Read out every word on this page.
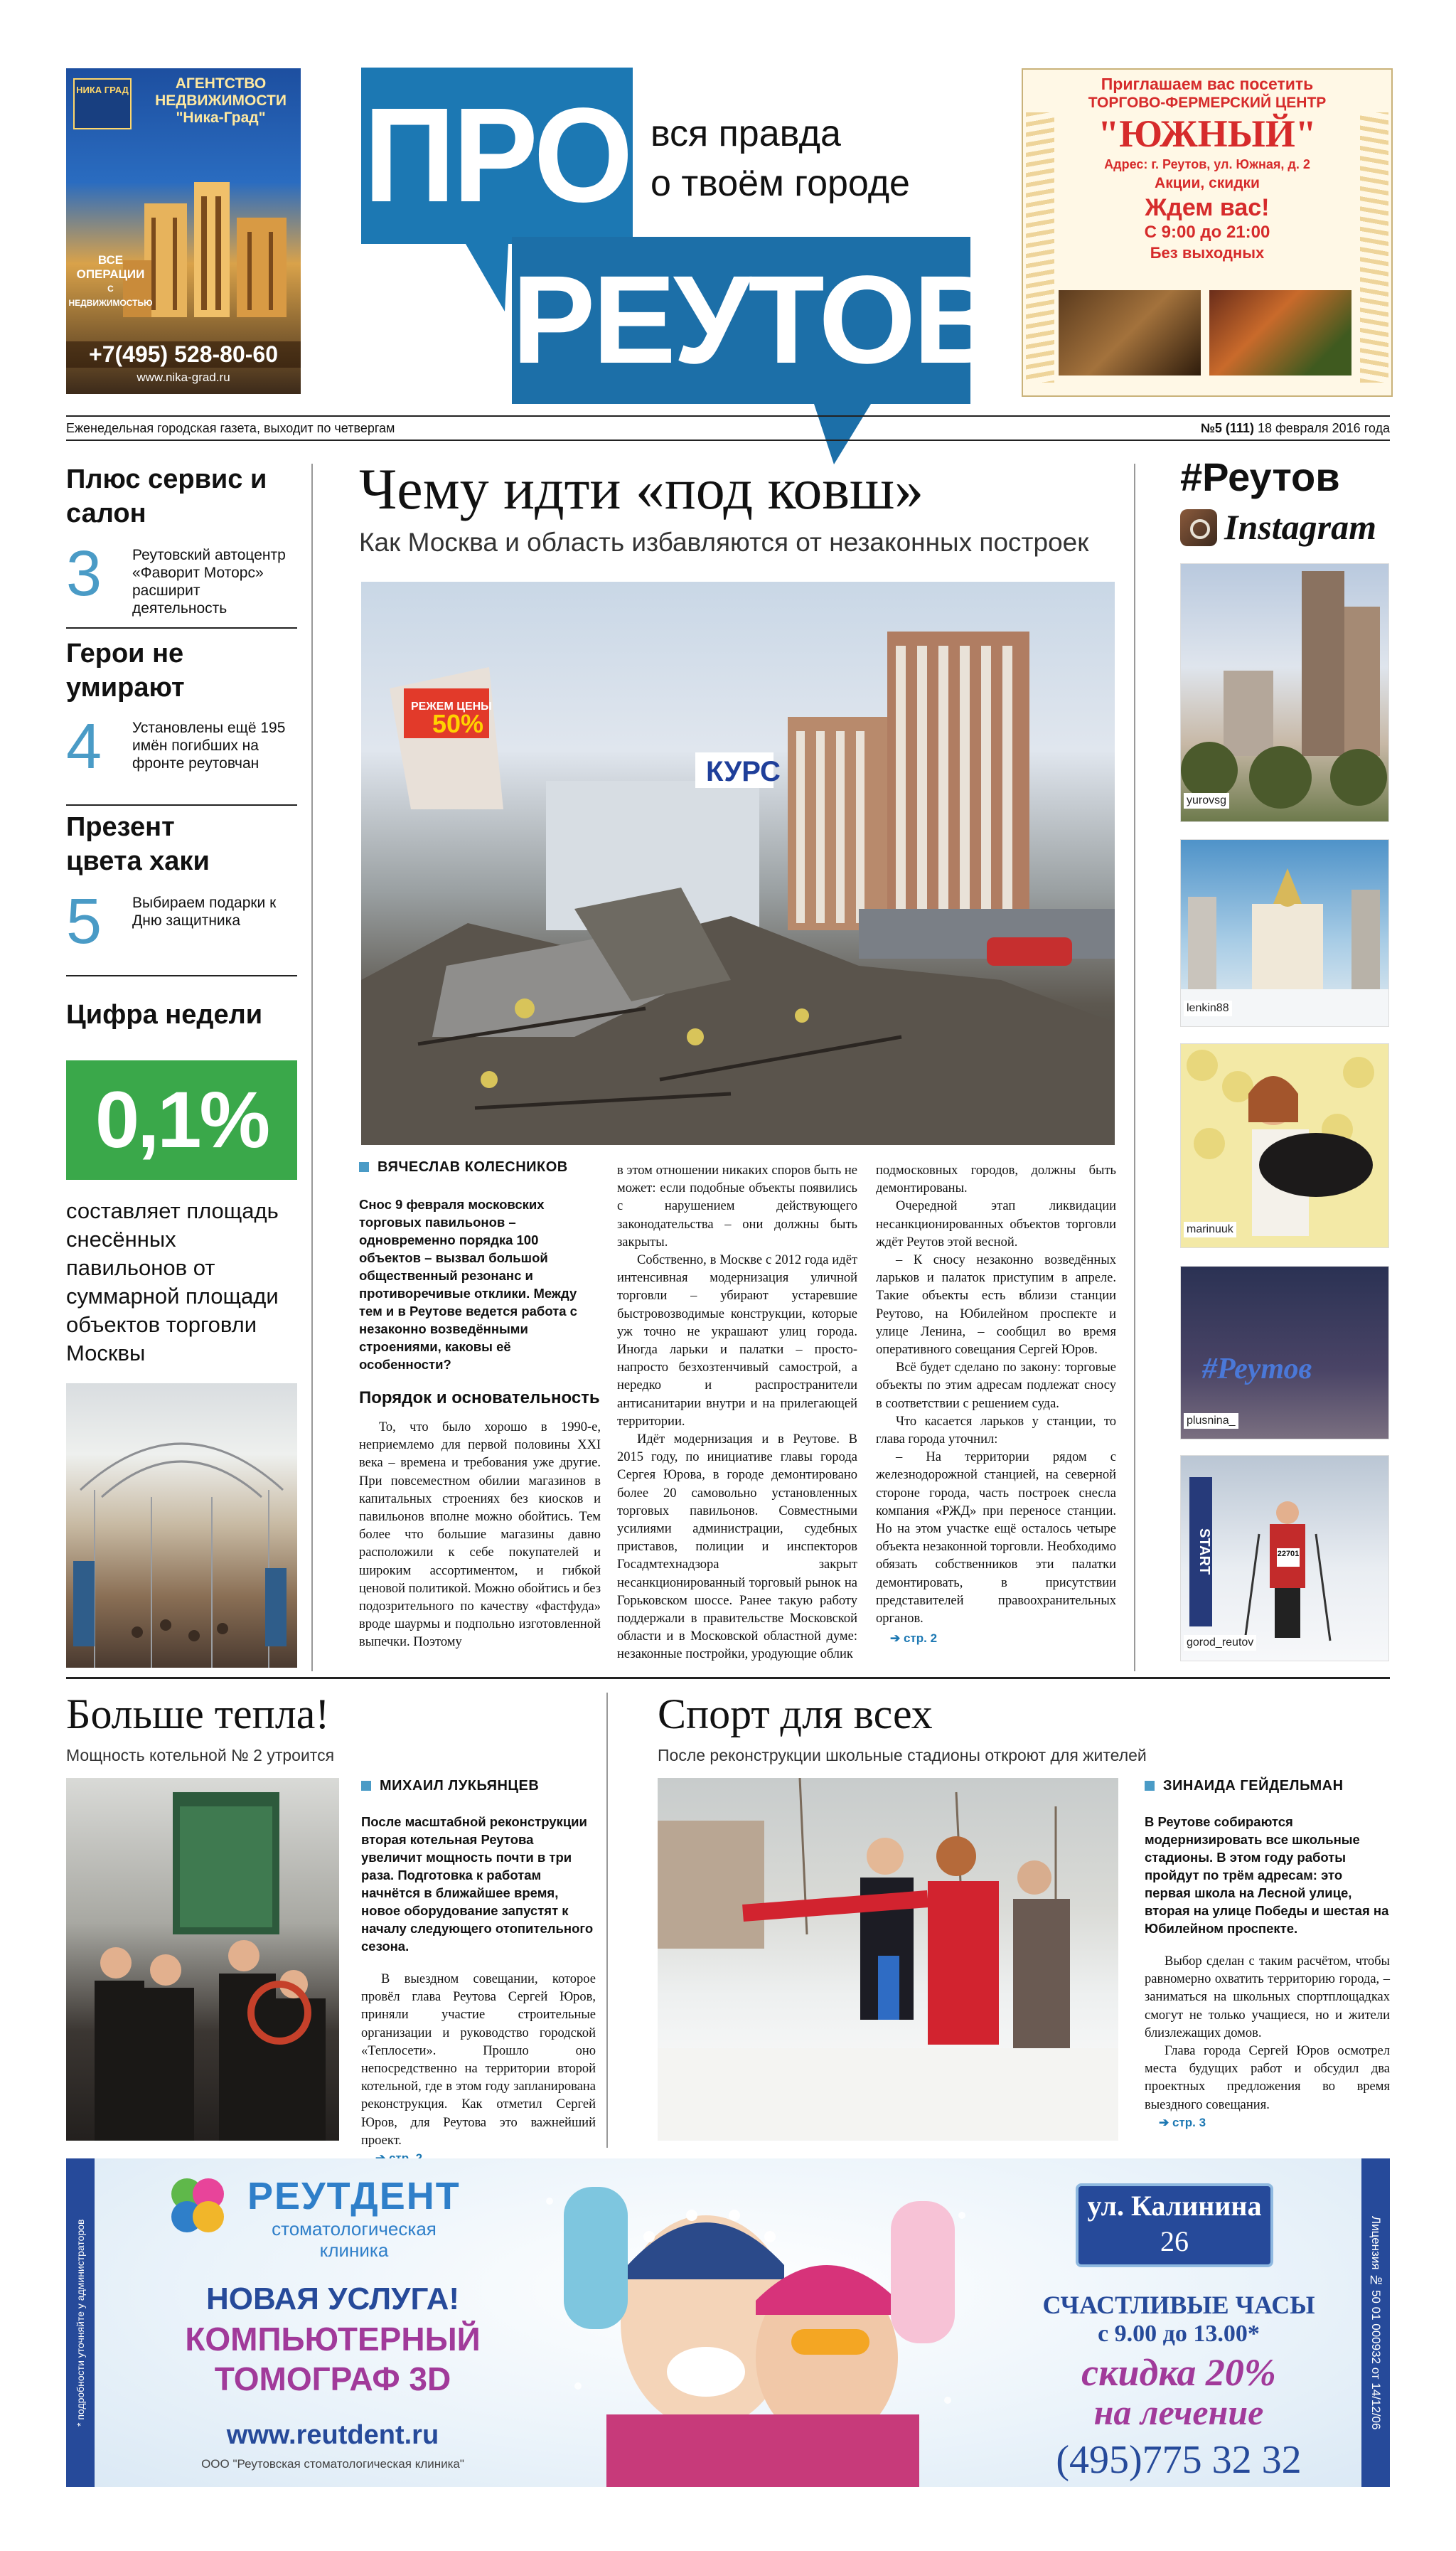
АГЕНТСТВО
НЕДВИЖИМОСТИ
"Ника-Град"
НИКА ГРАД
ВСЕ ОПЕРАЦИИ
С НЕДВИЖИМОСТЬЮ
+7(495) 528-80-60
www.nika-grad.ru
ПРО
РЕУТОВ
вся правда
о твоём городе
Приглашаем вас посетить
ТОРГОВО-ФЕРМЕРСКИЙ ЦЕНТР
"ЮЖНЫЙ"
Адрес: г. Реутов, ул. Южная, д. 2
Акции, скидки
Ждем вас!
С 9:00 до 21:00
Без выходных
Еженедельная городская газета, выходит по четвергам	№5 (111) 18 февраля 2016 года
Плюс сервис и салон
3 Реутовский автоцентр «Фаворит Моторс» расширит деятельность
Герои не умирают
4 Установлены ещё 195 имён погибших на фронте реутовчан
Презент цвета хаки
5 Выбираем подарки к Дню защитника
Цифра недели
0,1%
составляет площадь снесённых павильонов от суммарной площади объектов торговли Москвы
Чему идти «под ковш»
Как Москва и область избавляются от незаконных построек
КУРС
РЕЖЕМ ЦЕНЫ
50%
ВЯЧЕСЛАВ КОЛЕСНИКОВ
Снос 9 февраля московских торговых павильонов – одновременно порядка 100 объектов – вызвал большой общественный резонанс и противоречивые отклики. Между тем и в Реутове ведется работа с незаконно возведёнными строениями, каковы её особенности?
Порядок и основательность

То, что было хорошо в 1990-е, неприемлемо для первой половины XXI века – времена и требования уже другие. При повсеместном обилии магазинов в капитальных строениях без киосков и павильонов вполне можно обойтись. Тем более что большие магазины давно расположили к себе покупателей и широким ассортиментом, и гибкой ценовой политикой. Можно обойтись и без подозрительного по качеству «фастфуда» вроде шаурмы и подпольно изготовленной выпечки. Поэтому

в этом отношении никаких споров быть не может: если подобные объекты появились с нарушением действующего законодательства – они должны быть закрыты.

Собственно, в Москве с 2012 года идёт интенсивная модернизация уличной торговли – убирают устаревшие быстровозводимые конструкции, которые уж точно не украшают улиц города. Иногда ларьки и палатки – просто-напросто безхозтенчивый самострой, а нередко и распространители антисанитарии внутри и на прилегающей территории.

Идёт модернизация и в Реутове. В 2015 году, по инициативе главы города Сергея Юрова, в городе демонтировано более 20 самовольно установленных торговых павильонов. Совместными усилиями администрации, судебных приставов, полиции и инспекторов Госадмтехнадзора закрыт несанкционированный торговый рынок на Горьковском шоссе. Ранее такую работу поддержали в правительстве Московской области и в Московской областной думе: незаконные постройки, уродующие облик

подмосковных городов, должны быть демонтированы.

Очередной этап ликвидации несанкционированных объектов торговли ждёт Реутов этой весной.

– К сносу незаконно возведённых ларьков и палаток приступим в апреле. Такие объекты есть вблизи станции Реутово, на Юбилейном проспекте и улице Ленина, – сообщил во время оперативного совещания Сергей Юров.

Всё будет сделано по закону: торговые объекты по этим адресам подлежат сносу в соответствии с решением суда.

Что касается ларьков у станции, то глава города уточнил:

– На территории рядом с железнодорожной станцией, на северной стороне города, часть построек снесла компания «РЖД» при переносе станции. Но на этом участке ещё осталось четыре объекта незаконной торговли. Необходимо обязать собственников эти палатки демонтировать, в присутствии представителей правоохранительных органов.

➔ стр. 2
#Реутов
Instagram
yurovsg
lenkin88
marinuuk
#Реутов
plusnina_
START	22701
gorod_reutov
Больше тепла!
Мощность котельной № 2 утроится
МИХАИЛ ЛУКЬЯНЦЕВ
После масштабной реконструкции вторая котельная Реутова увеличит мощность почти в три раза. Подготовка к работам начнётся в ближайшее время, новое оборудование запустят к началу следующего отопительного сезона.

В выездном совещании, которое провёл глава Реутова Сергей Юров, приняли участие строительные организации и руководство городской «Теплосети». Прошло оно непосредственно на территории второй котельной, где в этом году запланирована реконструкция. Как отметил Сергей Юров, для Реутова это важнейший проект.

Спорт для всех
После реконструкции школьные стадионы откроют для жителей
ЗИНАИДА ГЕЙДЕЛЬМАН
В Реутове собираются модернизировать все школьные стадионы. В этом году работы пройдут по трём адресам: это первая школа на Лесной улице, вторая на улице Победы и шестая на Юбилейном проспекте.

Выбор сделан с таким расчётом, чтобы равномерно охватить территорию города, – заниматься на школьных спортплощадках смогут не только учащиеся, но и жители близлежащих домов.

Глава города Сергей Юров осмотрел места будущих работ и обсудил два проектных предложения во время выездного совещания.

➔ стр. 3
* подробности уточняйте у администраторов	Лицензия № 50 01 000932 от 14/12/06
РЕУТДЕНТ
стоматологическая
клиника
НОВАЯ УСЛУГА!
КОМПЬЮТЕРНЫЙ
ТОМОГРАФ 3D
www.reutdent.ru
ООО "Реутовская стоматологическая клиника"
ул. Калинина
26
СЧАСТЛИВЫЕ ЧАСЫ
с 9.00 до 13.00*
скидка 20%
на лечение
(495)775 32 32
